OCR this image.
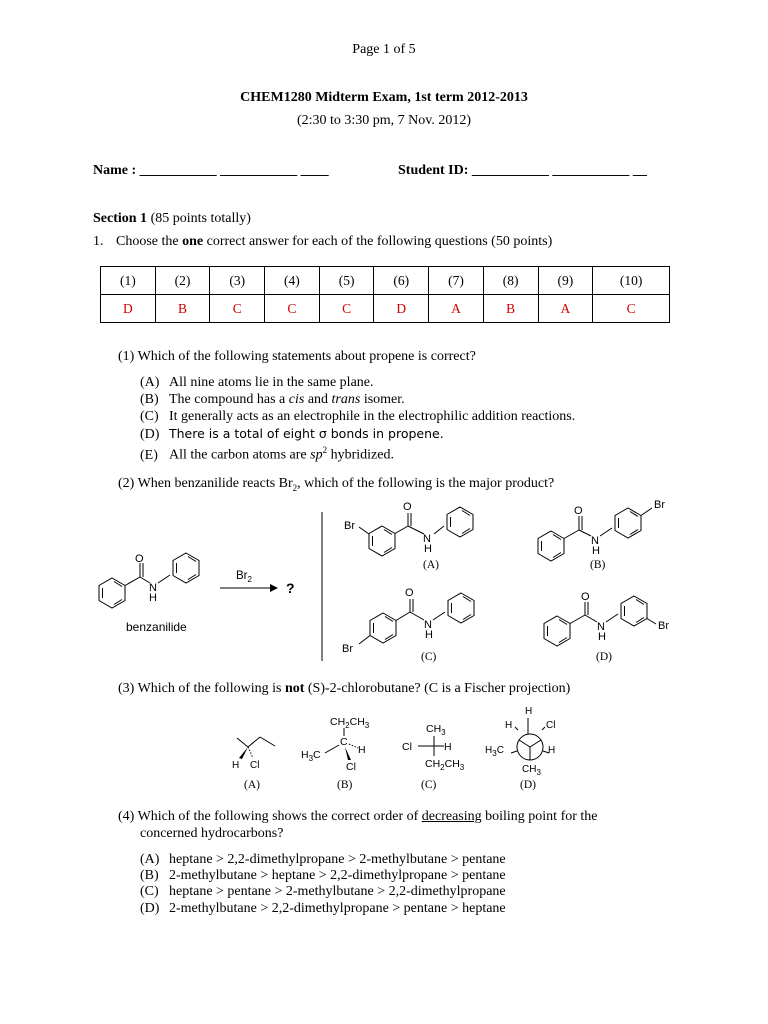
Page 1 of 5
CHEM1280 Midterm Exam, 1st term 2012-2013
(2:30 to 3:30 pm, 7 Nov. 2012)
Name : ___________ ___________ ____	Student ID: ___________ ___________ __
Section 1 (85 points totally)
1. Choose the one correct answer for each of the following questions (50 points)
(1)	(2)	(3)	(4)	(5)	(6)	(7)	(8)	(9)	(10)
D	B	C	C	C	D	A	B	A	C
(1) Which of the following statements about propene is correct?
(A) All nine atoms lie in the same plane.
(B) The compound has a cis and trans isomer.
(C) It generally acts as an electrophile in the electrophilic addition reactions.
(D) There is a total of eight σ bonds in propene.
(E) All the carbon atoms are $sp^2$ hybridized.
(2) When benzanilide reacts $Br_2$, which of the following is the major product?
O
N
H
benzanilide
$Br_2$
?
Br
O
N
H
(A)
Br
O
N
H
(B)
Br
O
N
H
(C)
Br
O
N
H
(D)
(3) Which of the following is not (S)-2-chlorobutane? (C is a Fischer projection)
H Cl
(A)
$CH_2CH_3$
C
$H_3C$	H
Cl
(B)
$CH_3$
Cl	H
$CH_2CH_3$
(C)
H
H	Cl
$H_3C$	H
$CH_3$
(D)
(4) Which of the following shows the correct order of decreasing boiling point for the
concerned hydrocarbons?
(A) heptane > 2,2-dimethylpropane > 2-methylbutane > pentane
(B) 2-methylbutane > heptane > 2,2-dimethylpropane > pentane
(C) heptane > pentane > 2-methylbutane > 2,2-dimethylpropane
(D) 2-methylbutane > 2,2-dimethylpropane > pentane > heptane
